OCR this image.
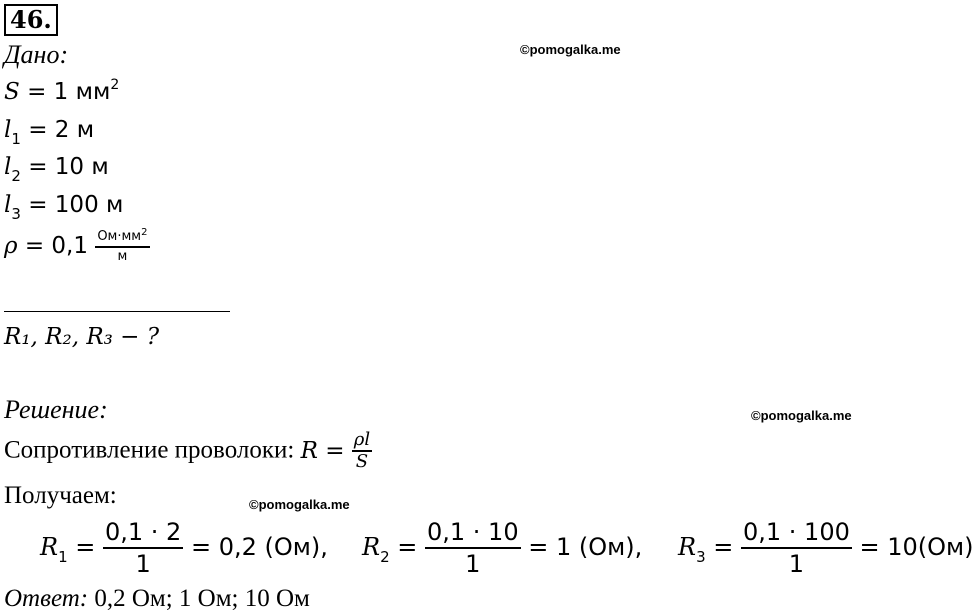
46.
©pomogalka.me
©pomogalka.me
©pomogalka.me
Дано:
S = 1 $мм^2$
$l_1 = 2$ м
$l_2 = 10$ м
$l_3 = 100$ м
$\rho = 0,1 \frac{Ом\cdot мм^2}{м}$
R₁, R₂, R₃ − ?
Решение:
Сопротивление проволоки: $R = \frac{\rho l}{S}$
Получаем:
$R_1 = \frac{0,1 \cdot 2}{1} = 0,2$ (Ом), $R_2 = \frac{0,1 \cdot 10}{1} = 1$ (Ом), $R_3 = \frac{0,1 \cdot 100}{1} = 10(Ом)$
Ответ: 0,2 Ом; 1 Ом; 10 Ом
